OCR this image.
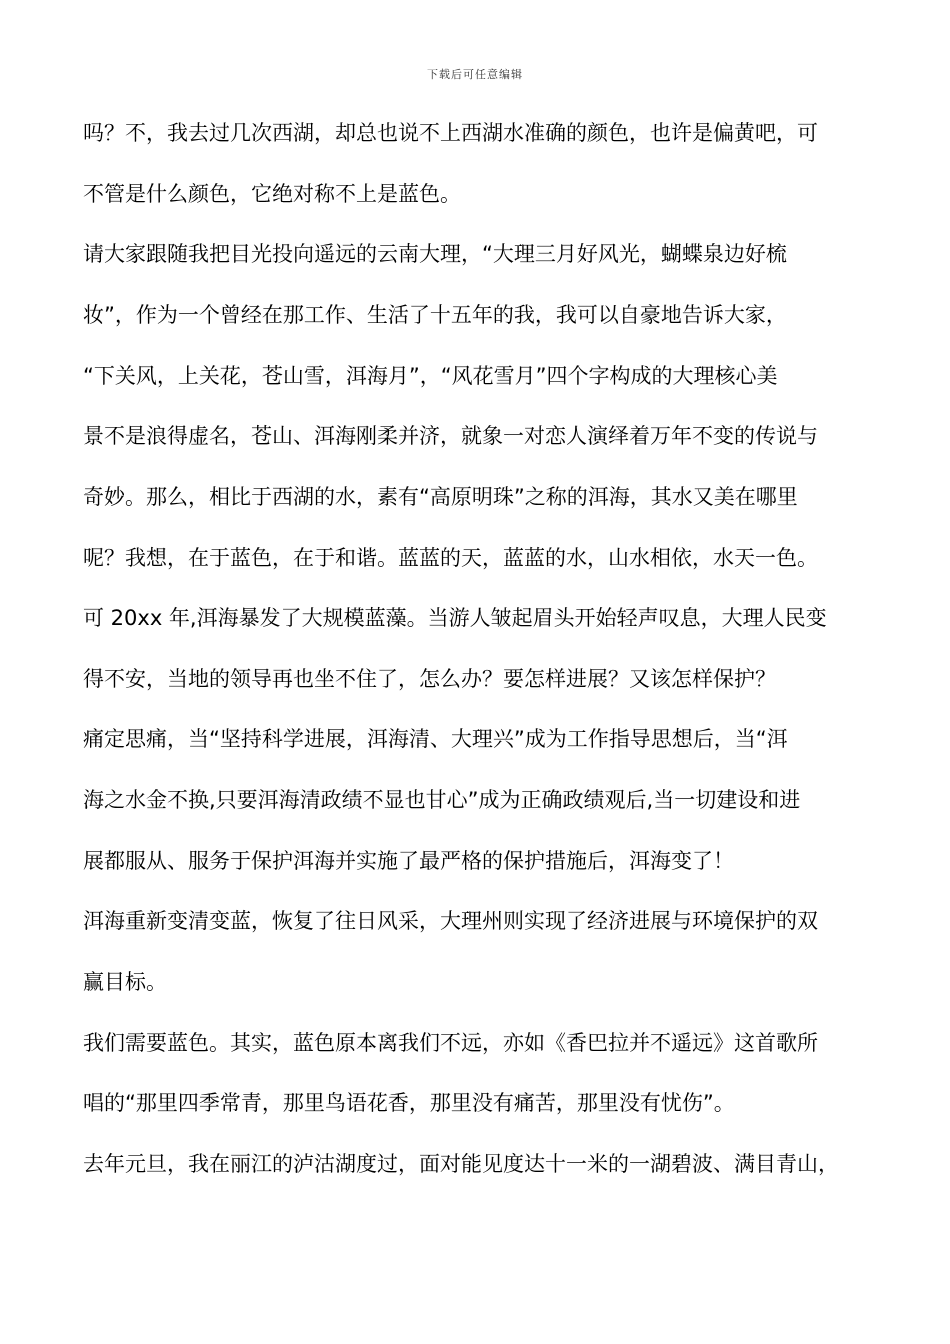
下载后可任意编辑
吗？不，我去过几次西湖，却总也说不上西湖水准确的颜色，也许是偏黄吧，可
不管是什么颜色，它绝对称不上是蓝色。
请大家跟随我把目光投向遥远的云南大理，“大理三月好风光，蝴蝶泉边好梳
妆”，作为一个曾经在那工作、生活了十五年的我，我可以自豪地告诉大家，
“下关风，上关花，苍山雪，洱海月”，“风花雪月”四个字构成的大理核心美
景不是浪得虚名，苍山、洱海刚柔并济，就象一对恋人演绎着万年不变的传说与
奇妙。那么，相比于西湖的水，素有“高原明珠”之称的洱海，其水又美在哪里
呢？我想，在于蓝色，在于和谐。蓝蓝的天，蓝蓝的水，山水相依，水天一色。
可 20xx 年,洱海暴发了大规模蓝藻。当游人皱起眉头开始轻声叹息，大理人民变
得不安，当地的领导再也坐不住了，怎么办？要怎样进展？又该怎样保护？
痛定思痛，当“坚持科学进展，洱海清、大理兴”成为工作指导思想后，当“洱
海之水金不换,只要洱海清政绩不显也甘心”成为正确政绩观后,当一切建设和进
展都服从、服务于保护洱海并实施了最严格的保护措施后，洱海变了！
洱海重新变清变蓝，恢复了往日风采，大理州则实现了经济进展与环境保护的双
赢目标。
我们需要蓝色。其实，蓝色原本离我们不远，亦如《香巴拉并不遥远》这首歌所
唱的“那里四季常青，那里鸟语花香，那里没有痛苦，那里没有忧伤”。
去年元旦，我在丽江的泸沽湖度过，面对能见度达十一米的一湖碧波、满目青山，
